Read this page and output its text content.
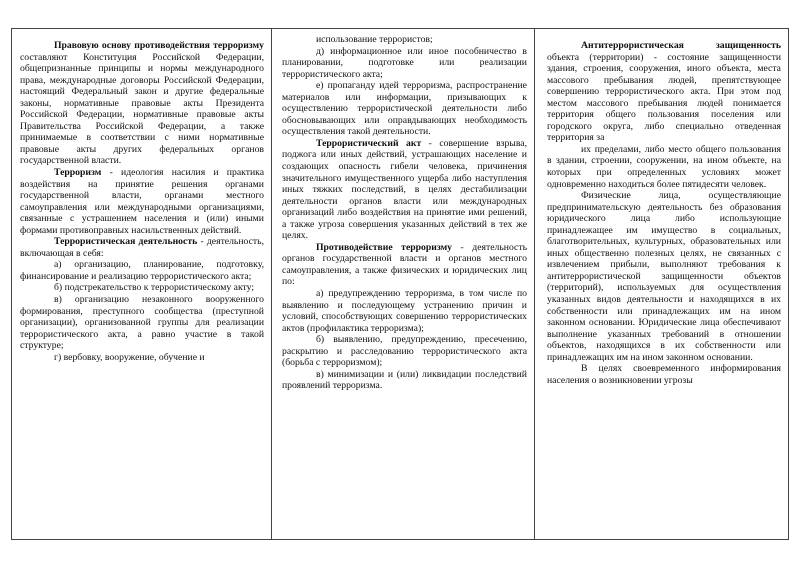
Правовую основу противодействия терроризму составляют Конституция Российской Федерации, общепризнанные принципы и нормы международного права, международные договоры Российской Федерации, настоящий Федеральный закон и другие федеральные законы, нормативные правовые акты Президента Российской Федерации, нормативные правовые акты Правительства Российской Федерации, а также принимаемые в соответствии с ними нормативные правовые акты других федеральных органов государственной власти.

Терроризм - идеология насилия и практика воздействия на принятие решения органами государственной власти, органами местного самоуправления или международными организациями, связанные с устрашением населения и (или) иными формами противоправных насильственных действий.

Террористическая деятельность - деятельность, включающая в себя:

а) организацию, планирование, подготовку, финансирование и реализацию террористического акта;

б) подстрекательство к террористическому акту;

в) организацию незаконного вооруженного формирования, преступного сообщества (преступной организации), организованной группы для реализации террористического акта, а равно участие в такой структуре;

г) вербовку, вооружение, обучение и

использование террористов;

д) информационное или иное пособничество в планировании, подготовке или реализации террористического акта;

е) пропаганду идей терроризма, распространение материалов или информации, призывающих к осуществлению террористической деятельности либо обосновывающих или оправдывающих необходимость осуществления такой деятельности.

Террористический акт - совершение взрыва, поджога или иных действий, устрашающих население и создающих опасность гибели человека, причинения значительного имущественного ущерба либо наступления иных тяжких последствий, в целях дестабилизации деятельности органов власти или международных организаций либо воздействия на принятие ими решений, а также угроза совершения указанных действий в тех же целях.

Противодействие терроризму - деятельность органов государственной власти и органов местного самоуправления, а также физических и юридических лиц по:

а) предупреждению терроризма, в том числе по выявлению и последующему устранению причин и условий, способствующих совершению террористических актов (профилактика терроризма);

б) выявлению, предупреждению, пресечению, раскрытию и расследованию террористического акта (борьба с терроризмом);

в) минимизации и (или) ликвидации последствий проявлений терроризма.

Антитеррористическая защищенность объекта (территории) - состояние защищенности здания, строения, сооружения, иного объекта, места массового пребывания людей, препятствующее совершению террористического акта. При этом под местом массового пребывания людей понимается территория общего пользования поселения или городского округа, либо специально отведенная территория за

их пределами, либо место общего пользования в здании, строении, сооружении, на ином объекте, на которых при определенных условиях может одновременно находиться более пятидесяти человек.

Физические лица, осуществляющие предпринимательскую деятельность без образования юридического лица либо использующие принадлежащее им имущество в социальных, благотворительных, культурных, образовательных или иных общественно полезных целях, не связанных с извлечением прибыли, выполняют требования к антитеррористической защищенности объектов (территорий), используемых для осуществления указанных видов деятельности и находящихся в их собственности или принадлежащих им на ином законном основании. Юридические лица обеспечивают выполнение указанных требований в отношении объектов, находящихся в их собственности или принадлежащих им на ином законном основании.

В целях своевременного информирования населения о возникновении угрозы
